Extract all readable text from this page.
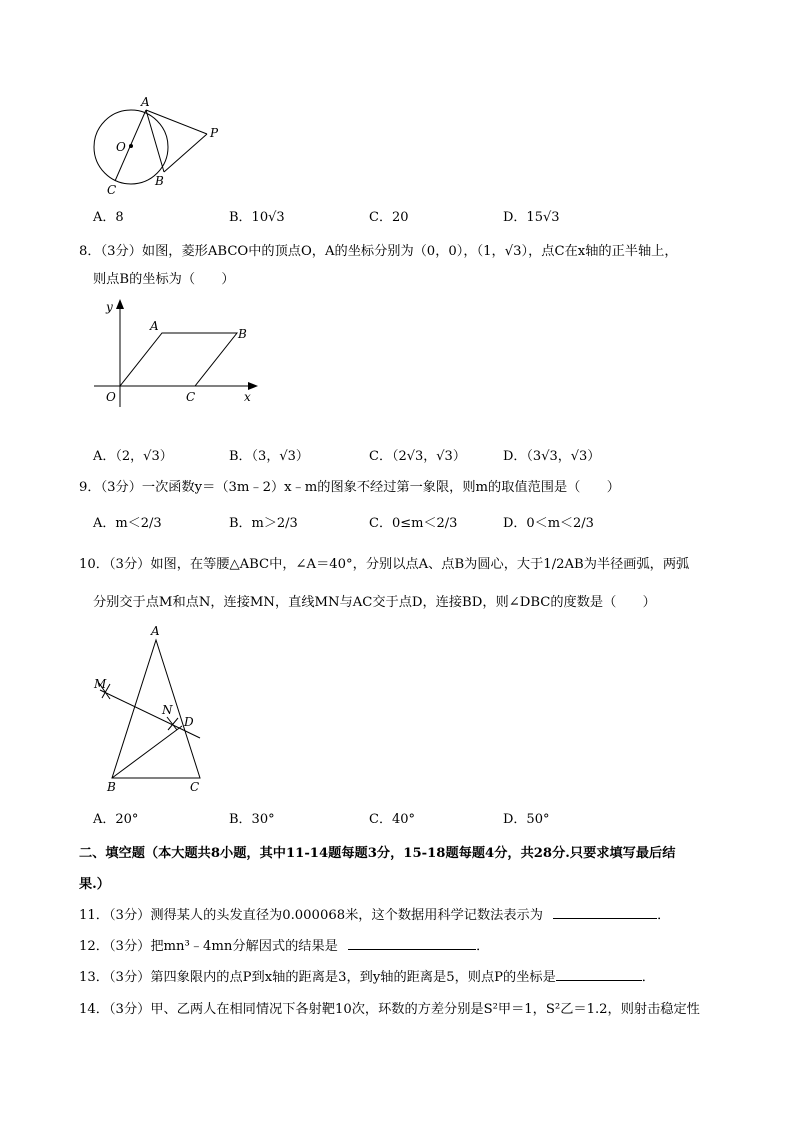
A
O
P
B
C
A．8	B．10√3	C．20	D．15√3
8．（3分）如图，菱形ABCO中的顶点O，A的坐标分别为（0，0），（1，√3），点C在x轴的正半轴上，
则点B的坐标为（　　）
y
A
B
O	C	x
A．（2，√3）	B．（3，√3）	C．（2√3，√3）	D．（3√3，√3）
9．（3分）一次函数y＝（3m﹣2）x﹣m的图象不经过第一象限，则m的取值范围是（　　）
A．m＜2/3	B．m＞2/3	C．0≤m＜2/3	D．0＜m＜2/3
10．（3分）如图，在等腰△ABC中，∠A＝40°，分别以点A、点B为圆心，大于1/2AB为半径画弧，两弧
分别交于点M和点N，连接MN，直线MN与AC交于点D，连接BD，则∠DBC的度数是（　　）
A
M
N
D
B	C
A．20°	B．30°	C．40°	D．50°
二、填空题（本大题共8小题，其中11-14题每题3分，15-18题每题4分，共28分.只要求填写最后结
果.）
11．（3分）测得某人的头发直径为0.000068米，这个数据用科学记数法表示为	．
12．（3分）把mn³﹣4mn分解因式的结果是	．
13．（3分）第四象限内的点P到x轴的距离是3，到y轴的距离是5，则点P的坐标是	．
14．（3分）甲、乙两人在相同情况下各射靶10次，环数的方差分别是S²甲＝1，S²乙＝1.2，则射击稳定性
